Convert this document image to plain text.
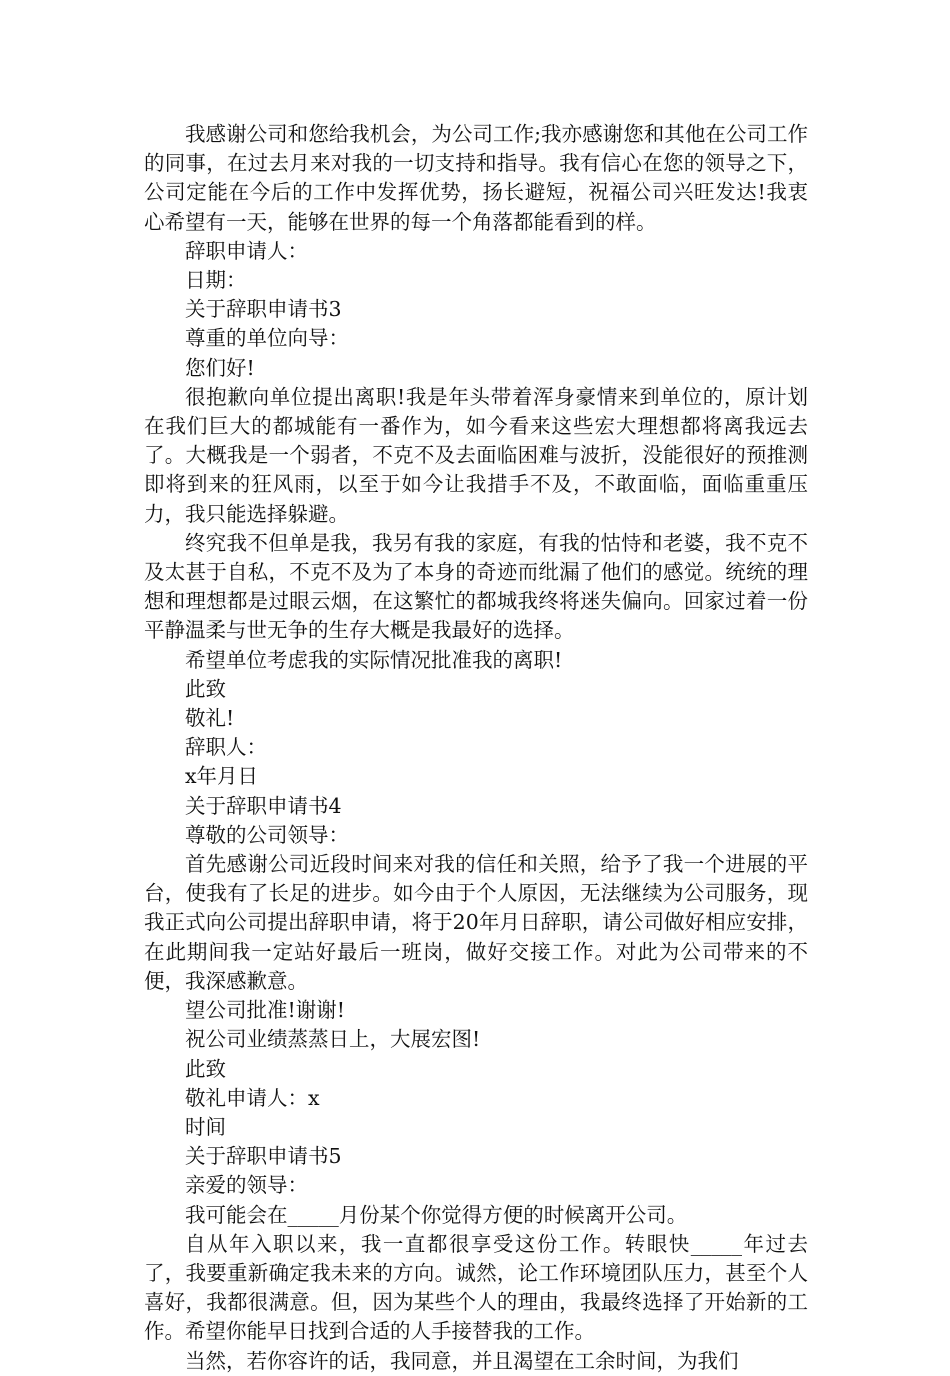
我感谢公司和您给我机会，为公司工作;我亦感谢您和其他在公司工作的同事，在过去月来对我的一切支持和指导。我有信心在您的领导之下，公司定能在今后的工作中发挥优势，扬长避短，祝福公司兴旺发达!我衷心希望有一天，能够在世界的每一个角落都能看到的样。

辞职申请人：

日期：

关于辞职申请书3

尊重的单位向导：

您们好!

很抱歉向单位提出离职!我是年头带着浑身豪情来到单位的，原计划在我们巨大的都城能有一番作为，如今看来这些宏大理想都将离我远去了。大概我是一个弱者，不克不及去面临困难与波折，没能很好的预推测即将到来的狂风雨，以至于如今让我措手不及，不敢面临，面临重重压力，我只能选择躲避。

终究我不但单是我，我另有我的家庭，有我的怙恃和老婆，我不克不及太甚于自私，不克不及为了本身的奇迹而纰漏了他们的感觉。统统的理想和理想都是过眼云烟，在这繁忙的都城我终将迷失偏向。回家过着一份平静温柔与世无争的生存大概是我最好的选择。

希望单位考虑我的实际情况批准我的离职!

此致

敬礼!

辞职人：

x年月日

关于辞职申请书4

尊敬的公司领导：

首先感谢公司近段时间来对我的信任和关照，给予了我一个进展的平台，使我有了长足的进步。如今由于个人原因，无法继续为公司服务，现我正式向公司提出辞职申请，将于20年月日辞职，请公司做好相应安排，在此期间我一定站好最后一班岗，做好交接工作。对此为公司带来的不便，我深感歉意。

望公司批准!谢谢!

祝公司业绩蒸蒸日上，大展宏图!

此致

敬礼申请人：x

时间

关于辞职申请书5

亲爱的领导：

我可能会在_____月份某个你觉得方便的时候离开公司。

自从年入职以来，我一直都很享受这份工作。转眼快_____年过去了，我要重新确定我未来的方向。诚然，论工作环境团队压力，甚至个人喜好，我都很满意。但，因为某些个人的理由，我最终选择了开始新的工作。希望你能早日找到合适的人手接替我的工作。

当然，若你容许的话，我同意，并且渴望在工余时间，为我们
